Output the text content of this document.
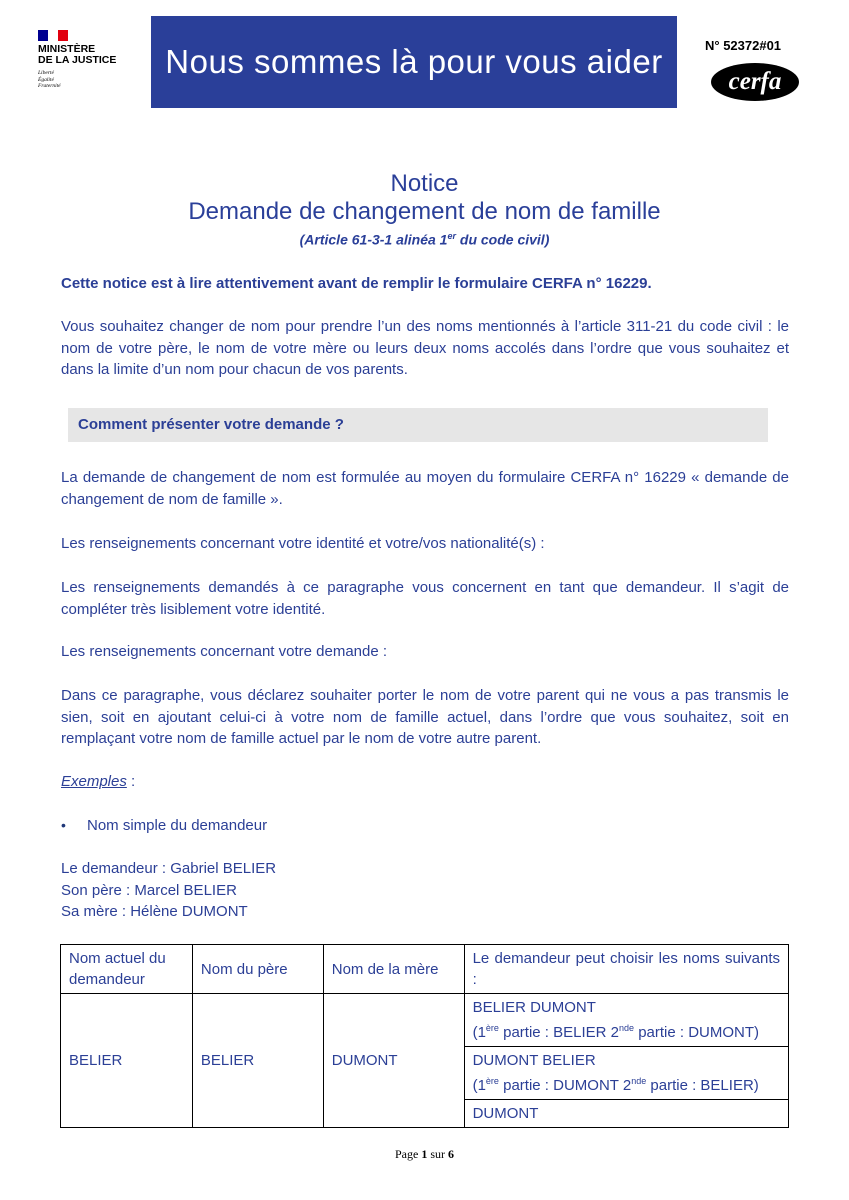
MINISTÈRE
DE LA JUSTICE
Liberté
Égalité
Fraternité
Nous sommes là pour vous aider	N° 52372#01
cerfa
Notice
Demande de changement de nom de famille
(Article 61-3-1 alinéa 1er du code civil)
Cette notice est à lire attentivement avant de remplir le formulaire CERFA n° 16229.
Vous souhaitez changer de nom pour prendre l’un des noms mentionnés à l’article 311-21 du code civil : le nom de votre père, le nom de votre mère ou leurs deux noms accolés dans l’ordre que vous souhaitez et dans la limite d’un nom pour chacun de vos parents.
Comment présenter votre demande ?
La demande de changement de nom est formulée au moyen du formulaire CERFA n° 16229 « demande de changement de nom de famille ».
Les renseignements concernant votre identité et votre/vos nationalité(s) :
Les renseignements demandés à ce paragraphe vous concernent en tant que demandeur. Il s’agit de compléter très lisiblement votre identité.
Les renseignements concernant votre demande :
Dans ce paragraphe, vous déclarez souhaiter porter le nom de votre parent qui ne vous a pas transmis le sien, soit en ajoutant celui-ci à votre nom de famille actuel, dans l’ordre que vous souhaitez, soit en remplaçant votre nom de famille actuel par le nom de votre autre parent.
Exemples :
•	Nom simple du demandeur
Le demandeur : Gabriel BELIER
Son père : Marcel BELIER
Sa mère : Hélène DUMONT
Nom actuel du demandeur	Nom du père	Nom de la mère	Le demandeur peut choisir les noms suivants :
BELIER	BELIER	DUMONT	BELIER DUMONT
(1ère partie : BELIER 2nde partie : DUMONT)

			DUMONT BELIER
(1ère partie : DUMONT 2nde partie : BELIER)

			DUMONT
Page 1 sur 6
